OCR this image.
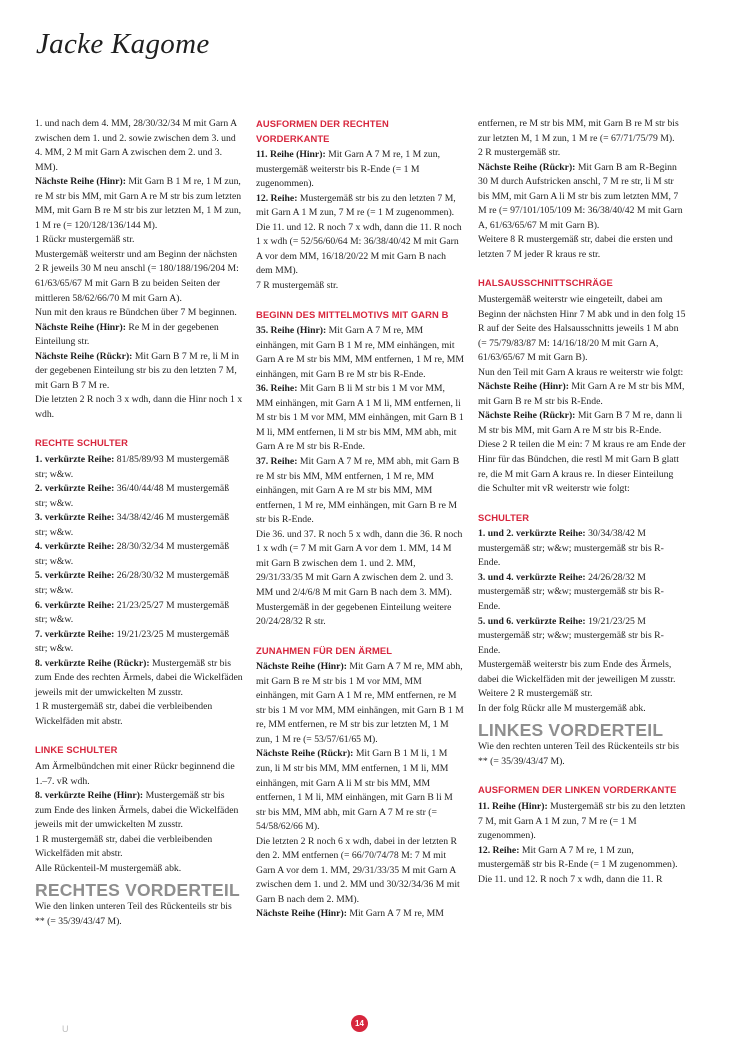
Jacke Kagome

1. und nach dem 4. MM, 28/30/32/34 M mit Garn A zwischen dem 1. und 2. sowie zwischen dem 3. und 4. MM, 2 M mit Garn A zwischen dem 2. und 3. MM).

Nächste Reihe (Hinr): Mit Garn B 1 M re, 1 M zun, re M str bis MM, mit Garn A re M str bis zum letzten MM, mit Garn B re M str bis zur letzten M, 1 M zun, 1 M re (= 120/128/136/144 M).

1 Rückr mustergemäß str.

Mustergemäß weiterstr und am Beginn der nächsten 2 R jeweils 30 M neu anschl (= 180/188/196/204 M: 61/63/65/67 M mit Garn B zu beiden Seiten der mittleren 58/62/66/70 M mit Garn A).

Nun mit den kraus re Bündchen über 7 M beginnen.

Nächste Reihe (Hinr): Re M in der gegebenen Einteilung str.

Nächste Reihe (Rückr): Mit Garn B 7 M re, li M in der gegebenen Einteilung str bis zu den letzten 7 M, mit Garn B 7 M re.

Die letzten 2 R noch 3 x wdh, dann die Hinr noch 1 x wdh.

RECHTE SCHULTER

1. verkürzte Reihe: 81/85/89/93 M mustergemäß str; w&w.

2. verkürzte Reihe: 36/40/44/48 M mustergemäß str; w&w.

3. verkürzte Reihe: 34/38/42/46 M mustergemäß str; w&w.

4. verkürzte Reihe: 28/30/32/34 M mustergemäß str; w&w.

5. verkürzte Reihe: 26/28/30/32 M mustergemäß str; w&w.

6. verkürzte Reihe: 21/23/25/27 M mustergemäß str; w&w.

7. verkürzte Reihe: 19/21/23/25 M mustergemäß str; w&w.

8. verkürzte Reihe (Rückr): Mustergemäß str bis zum Ende des rechten Ärmels, dabei die Wickelfäden jeweils mit der umwickelten M zusstr.

1 R mustergemäß str, dabei die verbleibenden Wickelfäden mit abstr.

LINKE SCHULTER

Am Ärmelbündchen mit einer Rückr beginnend die 1.–7. vR wdh.

8. verkürzte Reihe (Hinr): Mustergemäß str bis zum Ende des linken Ärmels, dabei die Wickelfäden jeweils mit der umwickelten M zusstr.

1 R mustergemäß str, dabei die verbleibenden Wickelfäden mit abstr.

Alle Rückenteil-M mustergemäß abk.

RECHTES VORDERTEIL

Wie den linken unteren Teil des Rückenteils str bis ** (= 35/39/43/47 M).

AUSFORMEN DER RECHTEN VORDERKANTE

11. Reihe (Hinr): Mit Garn A 7 M re, 1 M zun, mustergemäß weiterstr bis R-Ende (= 1 M zugenommen).

12. Reihe: Mustergemäß str bis zu den letzten 7 M, mit Garn A 1 M zun, 7 M re (= 1 M zugenommen).

Die 11. und 12. R noch 7 x wdh, dann die 11. R noch 1 x wdh (= 52/56/60/64 M: 36/38/40/42 M mit Garn A vor dem MM, 16/18/20/22 M mit Garn B nach dem MM).

7 R mustergemäß str.

BEGINN DES MITTELMOTIVS MIT GARN B

35. Reihe (Hinr): Mit Garn A 7 M re, MM einhängen, mit Garn B 1 M re, MM einhängen, mit Garn A re M str bis MM, MM entfernen, 1 M re, MM einhängen, mit Garn B re M str bis R-Ende.

36. Reihe: Mit Garn B li M str bis 1 M vor MM, MM einhängen, mit Garn A 1 M li, MM entfernen, li M str bis 1 M vor MM, MM einhängen, mit Garn B 1 M li, MM entfernen, li M str bis MM, MM abh, mit Garn A re M str bis R-Ende.

37. Reihe: Mit Garn A 7 M re, MM abh, mit Garn B re M str bis MM, MM entfernen, 1 M re, MM einhängen, mit Garn A re M str bis MM, MM entfernen, 1 M re, MM einhängen, mit Garn B re M str bis R-Ende.

Die 36. und 37. R noch 5 x wdh, dann die 36. R noch 1 x wdh (= 7 M mit Garn A vor dem 1. MM, 14 M mit Garn B zwischen dem 1. und 2. MM, 29/31/33/35 M mit Garn A zwischen dem 2. und 3. MM und 2/4/6/8 M mit Garn B nach dem 3. MM).

Mustergemäß in der gegebenen Einteilung weitere 20/24/28/32 R str.

ZUNAHMEN FÜR DEN ÄRMEL

Nächste Reihe (Hinr): Mit Garn A 7 M re, MM abh, mit Garn B re M str bis 1 M vor MM, MM einhängen, mit Garn A 1 M re, MM entfernen, re M str bis 1 M vor MM, MM einhängen, mit Garn B 1 M re, MM entfernen, re M str bis zur letzten M, 1 M zun, 1 M re (= 53/57/61/65 M).

Nächste Reihe (Rückr): Mit Garn B 1 M li, 1 M zun, li M str bis MM, MM entfernen, 1 M li, MM einhängen, mit Garn A li M str bis MM, MM entfernen, 1 M li, MM einhängen, mit Garn B li M str bis MM, MM abh, mit Garn A 7 M re str (= 54/58/62/66 M).

Die letzten 2 R noch 6 x wdh, dabei in der letzten R den 2. MM entfernen (= 66/70/74/78 M: 7 M mit Garn A vor dem 1. MM, 29/31/33/35 M mit Garn A zwischen dem 1. und 2. MM und 30/32/34/36 M mit Garn B nach dem 2. MM).

Nächste Reihe (Hinr): Mit Garn A 7 M re, MM

entfernen, re M str bis MM, mit Garn B re M str bis zur letzten M, 1 M zun, 1 M re (= 67/71/75/79 M).

2 R mustergemäß str.

Nächste Reihe (Rückr): Mit Garn B am R-Beginn 30 M durch Aufstricken anschl, 7 M re str, li M str bis MM, mit Garn A li M str bis zum letzten MM, 7 M re (= 97/101/105/109 M: 36/38/40/42 M mit Garn A, 61/63/65/67 M mit Garn B).

Weitere 8 R mustergemäß str, dabei die ersten und letzten 7 M jeder R kraus re str.

HALSAUSSCHNITTSCHRÄGE

Mustergemäß weiterstr wie eingeteilt, dabei am Beginn der nächsten Hinr 7 M abk und in den folg 15 R auf der Seite des Halsausschnitts jeweils 1 M abn (= 75/79/83/87 M: 14/16/18/20 M mit Garn A, 61/63/65/67 M mit Garn B).

Nun den Teil mit Garn A kraus re weiterstr wie folgt:

Nächste Reihe (Hinr): Mit Garn A re M str bis MM, mit Garn B re M str bis R-Ende.

Nächste Reihe (Rückr): Mit Garn B 7 M re, dann li M str bis MM, mit Garn A re M str bis R-Ende.

Diese 2 R teilen die M ein: 7 M kraus re am Ende der Hinr für das Bündchen, die restl M mit Garn B glatt re, die M mit Garn A kraus re. In dieser Einteilung die Schulter mit vR weiterstr wie folgt:

SCHULTER

1. und 2. verkürzte Reihe: 30/34/38/42 M mustergemäß str; w&w; mustergemäß str bis R-Ende.

3. und 4. verkürzte Reihe: 24/26/28/32 M mustergemäß str; w&w; mustergemäß str bis R-Ende.

5. und 6. verkürzte Reihe: 19/21/23/25 M mustergemäß str; w&w; mustergemäß str bis R-Ende.

Mustergemäß weiterstr bis zum Ende des Ärmels, dabei die Wickelfäden mit der jeweiligen M zusstr.

Weitere 2 R mustergemäß str.

In der folg Rückr alle M mustergemäß abk.

LINKES VORDERTEIL

Wie den rechten unteren Teil des Rückenteils str bis ** (= 35/39/43/47 M).

AUSFORMEN DER LINKEN VORDERKANTE

11. Reihe (Hinr): Mustergemäß str bis zu den letzten 7 M, mit Garn A 1 M zun, 7 M re (= 1 M zugenommen).

12. Reihe: Mit Garn A 7 M re, 1 M zun, mustergemäß str bis R-Ende (= 1 M zugenommen).

Die 11. und 12. R noch 7 x wdh, dann die 11. R

U
14
